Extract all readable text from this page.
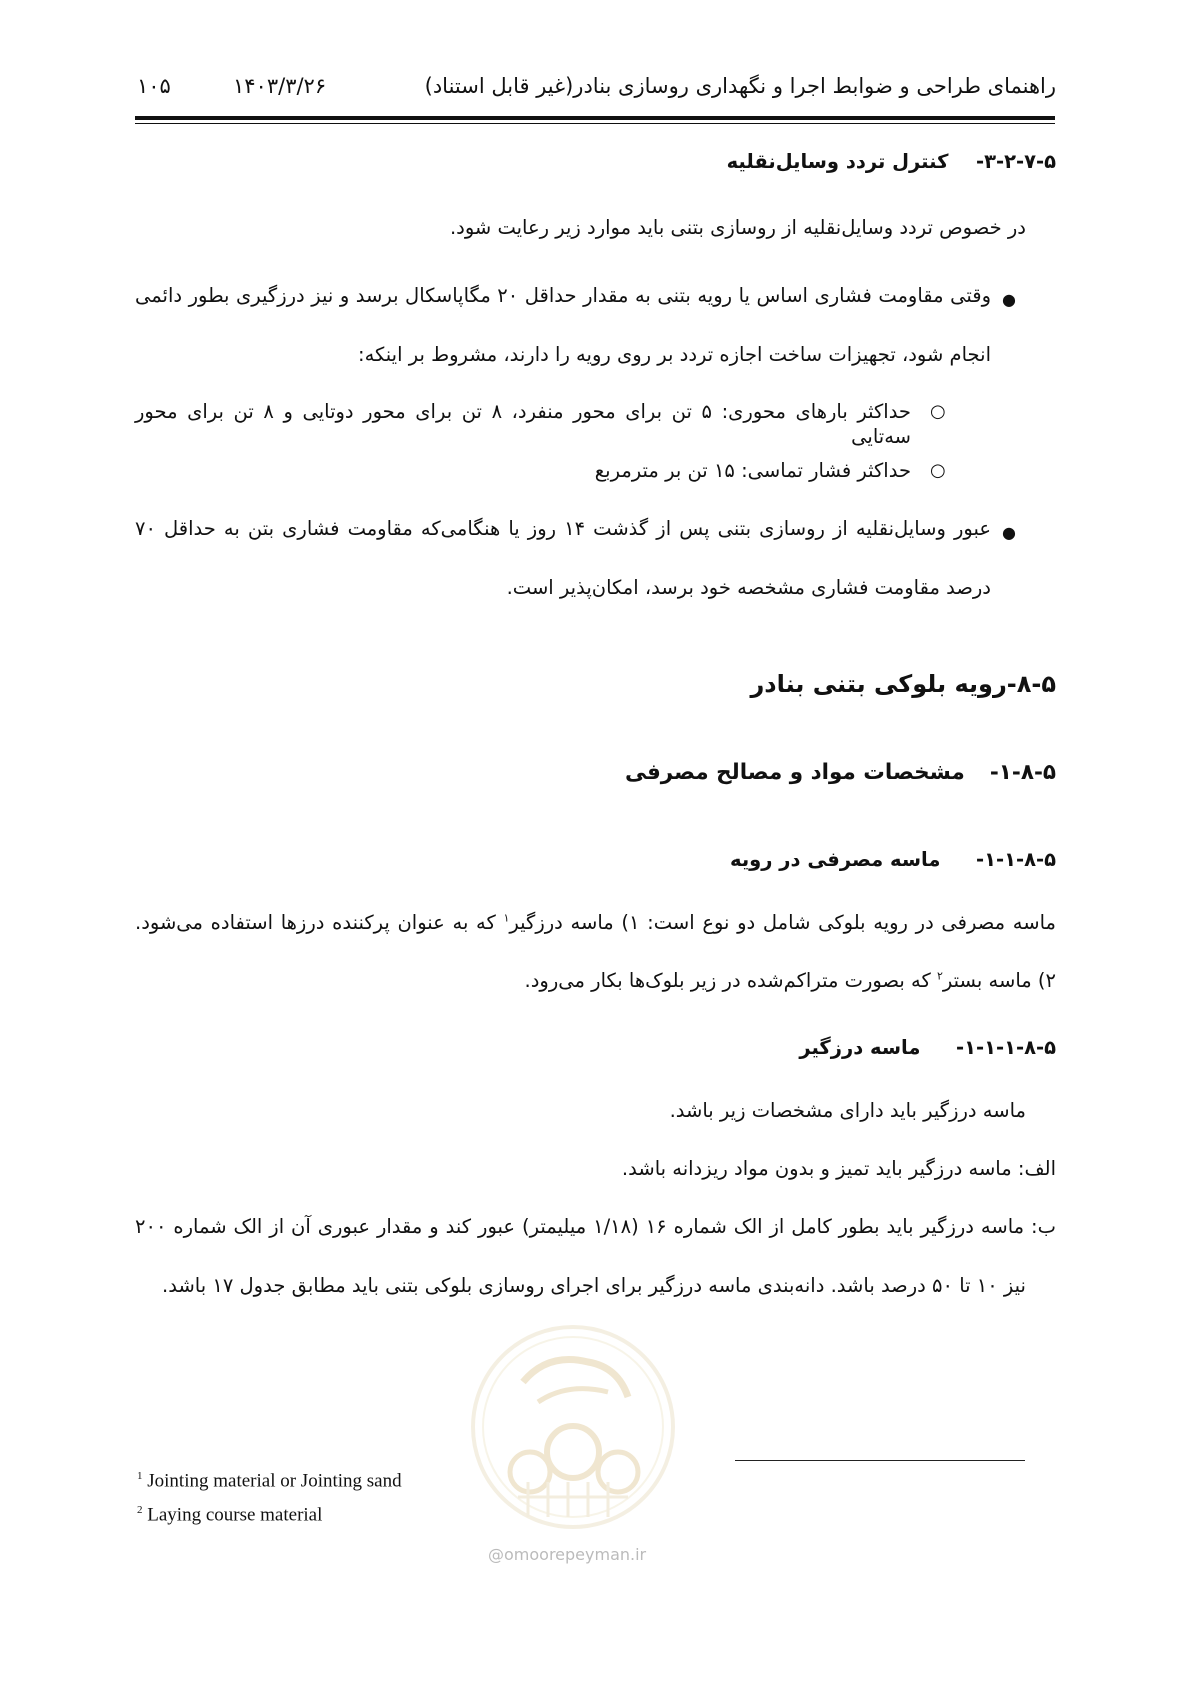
راهنمای طراحی و ضوابط اجرا و نگهداری روسازی بنادر(غیر قابل استناد)
۱۴۰۳/۳/۲۶
۱۰۵
۳-۲-۷-۵-  کنترل تردد وسایل‌نقلیه
در خصوص تردد وسایل‌نقلیه از روسازی بتنی باید موارد زیر رعایت شود.
●
وقتی مقاومت فشاری اساس یا رویه بتنی به مقدار حداقل ۲۰ مگاپاسکال برسد و نیز درزگیری بطور دائمی
انجام شود، تجهیزات ساخت اجازه تردد بر روی رویه را دارند، مشروط بر اینکه:
○
حداکثر بارهای محوری: ۵ تن برای محور منفرد، ۸ تن برای محور دوتایی و ۸ تن برای محور سه‌تایی
○
حداکثر فشار تماسی: ۱۵ تن بر مترمربع
●
عبور وسایل‌نقلیه از روسازی بتنی پس از گذشت ۱۴ روز یا هنگامی‌که مقاومت فشاری بتن به حداقل ۷۰
درصد مقاومت فشاری مشخصه خود برسد، امکان‌پذیر است.
۸-۵-رویه بلوکی بتنی بنادر
۱-۸-۵-  مشخصات مواد و مصالح مصرفی
۱-۱-۸-۵-  ماسه مصرفی در رویه
ماسه مصرفی در رویه بلوکی شامل دو نوع است: ۱) ماسه درزگیر$^۱$ که به عنوان پرکننده درزها استفاده می‌شود.
۲) ماسه بستر$^۲$ که بصورت متراکم‌شده در زیر بلوک‌ها بکار می‌رود.
۱-۱-۱-۸-۵-  ماسه درزگیر
ماسه درزگیر باید دارای مشخصات زیر باشد.
الف: ماسه درزگیر باید تمیز و بدون مواد ریزدانه باشد.
ب: ماسه درزگیر باید بطور کامل از الک شماره ۱۶ (۱/۱۸ میلیمتر) عبور کند و مقدار عبوری آن از الک شماره ۲۰۰
نیز ۱۰ تا ۵۰ درصد باشد. دانه‌بندی ماسه درزگیر برای اجرای روسازی بلوکی بتنی باید مطابق جدول ۱۷ باشد.
@omoorepeyman.ir
$^1$ Jointing material or Jointing sand
$^2$ Laying course material
